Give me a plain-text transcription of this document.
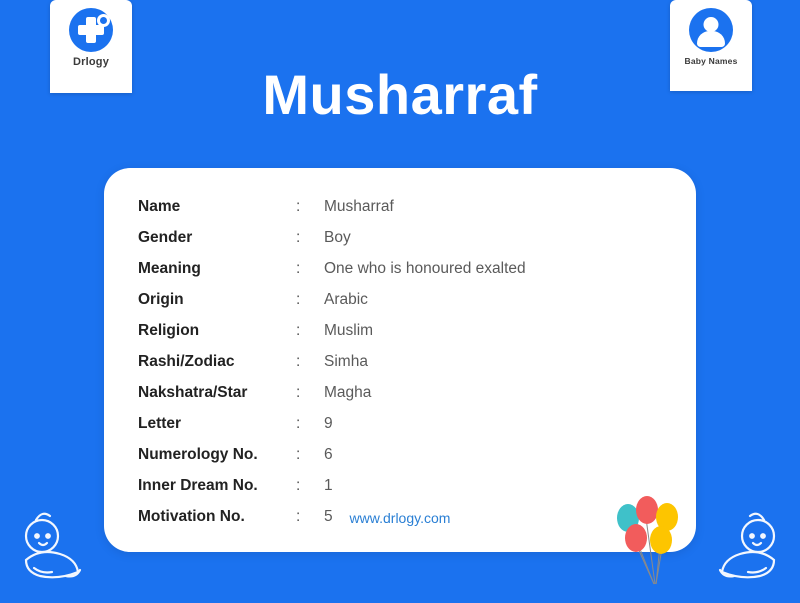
Drlogy	Baby Names
Musharraf
Name	:	Musharraf
Gender	:	Boy
Meaning	:	One who is honoured exalted
Origin	:	Arabic
Religion	:	Muslim
Rashi/Zodiac	:	Simha
Nakshatra/Star	:	Magha
Letter	:	9
Numerology No.	:	6
Inner Dream No.	:	1
Motivation No.	:	5	www.drlogy.com
